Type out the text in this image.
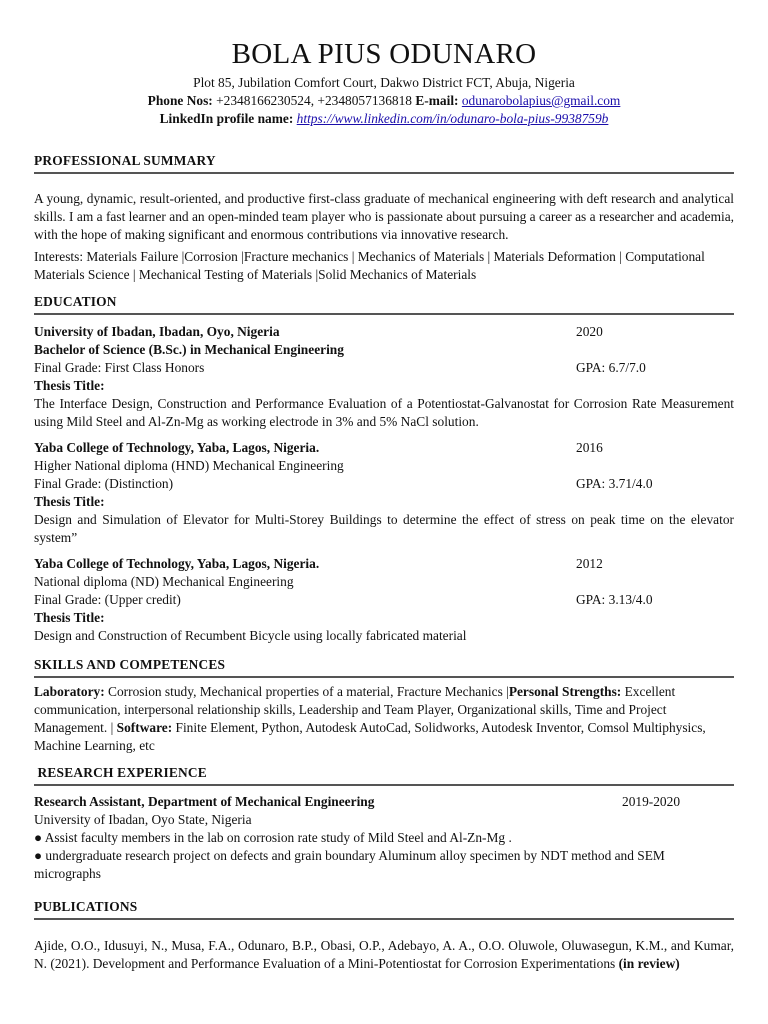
BOLA PIUS ODUNARO
Plot 85, Jubilation Comfort Court, Dakwo District FCT, Abuja, Nigeria
Phone Nos: +2348166230524, +2348057136818 E-mail: odunarobolapius@gmail.com
LinkedIn profile name: https://www.linkedin.com/in/odunaro-bola-pius-9938759b
PROFESSIONAL SUMMARY

A young, dynamic, result-oriented, and productive first-class graduate of mechanical engineering with deft research and analytical skills. I am a fast learner and an open-minded team player who is passionate about pursuing a career as a researcher and academia, with the hope of making significant and enormous contributions via innovative research.

Interests: Materials Failure |Corrosion |Fracture mechanics | Mechanics of Materials | Materials Deformation | Computational Materials Science | Mechanical Testing of Materials |Solid Mechanics of Materials

EDUCATION
University of Ibadan, Ibadan, Oyo, Nigeria	2020
Bachelor of Science (B.Sc.) in Mechanical Engineering
Final Grade: First Class Honors	GPA: 6.7/7.0
Thesis Title:

The Interface Design, Construction and Performance Evaluation of a Potentiostat-Galvanostat for Corrosion Rate Measurement using Mild Steel and Al-Zn-Mg as working electrode in 3% and 5% NaCl solution.

Yaba College of Technology, Yaba, Lagos, Nigeria.	2016
Higher National diploma (HND) Mechanical Engineering
Final Grade: (Distinction)	GPA: 3.71/4.0
Thesis Title:

Design and Simulation of Elevator for Multi-Storey Buildings to determine the effect of stress on peak time on the elevator system”

Yaba College of Technology, Yaba, Lagos, Nigeria.	2012
National diploma (ND) Mechanical Engineering
Final Grade: (Upper credit)	GPA: 3.13/4.0
Thesis Title:

Design and Construction of Recumbent Bicycle using locally fabricated material

SKILLS AND COMPETENCES

Laboratory: Corrosion study, Mechanical properties of a material, Fracture Mechanics |Personal Strengths: Excellent communication, interpersonal relationship skills, Leadership and Team Player, Organizational skills, Time and Project Management. | Software: Finite Element, Python, Autodesk AutoCad, Solidworks, Autodesk Inventor, Comsol Multiphysics, Machine Learning, etc

RESEARCH EXPERIENCE
Research Assistant, Department of Mechanical Engineering	2019-2020
University of Ibadan, Oyo State, Nigeria

● Assist faculty members in the lab on corrosion rate study of Mild Steel and Al-Zn-Mg .

● undergraduate research project on defects and grain boundary Aluminum alloy specimen by NDT method and SEM micrographs

PUBLICATIONS

Ajide, O.O., Idusuyi, N., Musa, F.A., Odunaro, B.P., Obasi, O.P., Adebayo, A. A., O.O. Oluwole, Oluwasegun, K.M., and Kumar, N. (2021). Development and Performance Evaluation of a Mini-Potentiostat for Corrosion Experimentations (in review)
